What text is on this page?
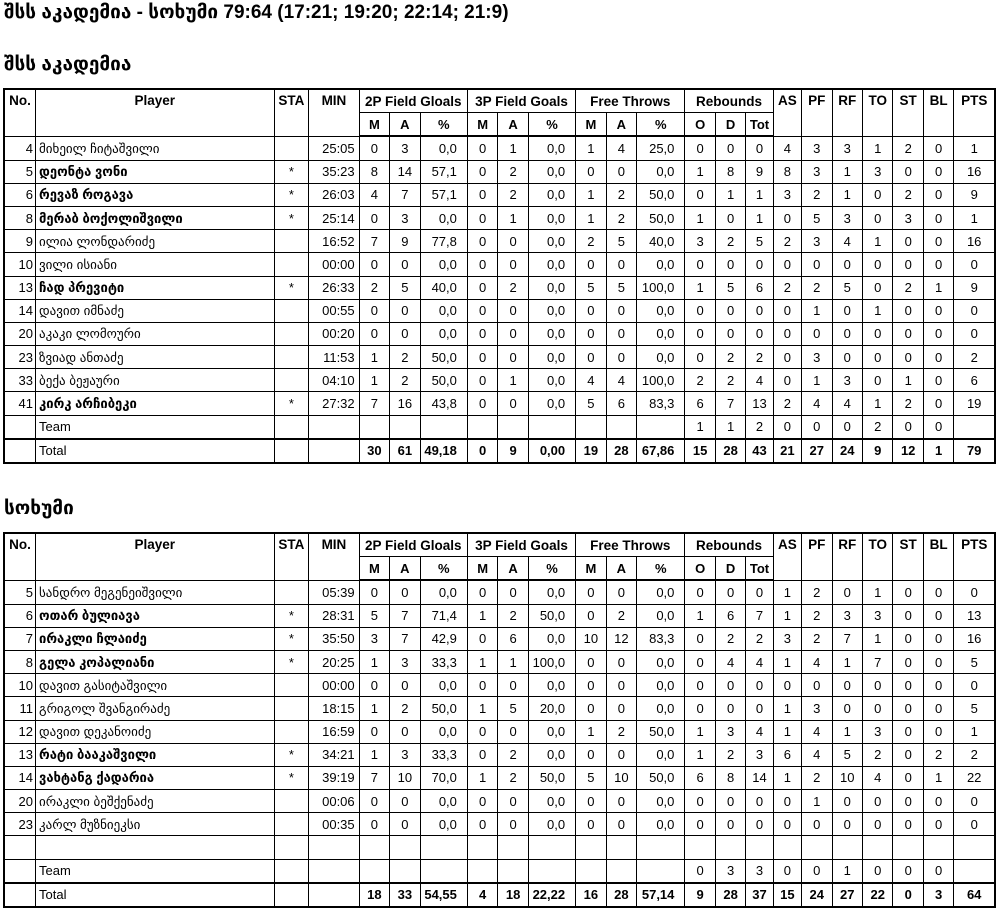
შსს აკადემია - სოხუმი 79:64 (17:21; 19:20; 22:14; 21:9)
შსს აკადემია
No.	Player	STA	MIN	2P Field Gloals			3P Field Goals			Free Throws			Rebounds			AS	PF	RF	TO	ST	BL	PTS
				M	A	%	M	A	%	M	A	%	O	D	Tot							
4	მიხეილ ჩიტაშვილი		25:05	0	3	0,0	0	1	0,0	1	4	25,0	0	0	0	4	3	3	1	2	0	1
5	დეონტა ვონი	*	35:23	8	14	57,1	0	2	0,0	0	0	0,0	1	8	9	8	3	1	3	0	0	16
6	რევაზ როგავა	*	26:03	4	7	57,1	0	2	0,0	1	2	50,0	0	1	1	3	2	1	0	2	0	9
8	მერაბ ბოქოლიშვილი	*	25:14	0	3	0,0	0	1	0,0	1	2	50,0	1	0	1	0	5	3	0	3	0	1
9	ილია ლონდარიძე		16:52	7	9	77,8	0	0	0,0	2	5	40,0	3	2	5	2	3	4	1	0	0	16
10	ვილი ისიანი		00:00	0	0	0,0	0	0	0,0	0	0	0,0	0	0	0	0	0	0	0	0	0	0
13	ჩად პრევიტი	*	26:33	2	5	40,0	0	2	0,0	5	5	100,0	1	5	6	2	2	5	0	2	1	9
14	დავით იმნაძე		00:55	0	0	0,0	0	0	0,0	0	0	0,0	0	0	0	0	1	0	1	0	0	0
20	აკაკი ლომოური		00:20	0	0	0,0	0	0	0,0	0	0	0,0	0	0	0	0	0	0	0	0	0	0
23	ზვიად ანთაძე		11:53	1	2	50,0	0	0	0,0	0	0	0,0	0	2	2	0	3	0	0	0	0	2
33	ბექა ბეჟაური		04:10	1	2	50,0	0	1	0,0	4	4	100,0	2	2	4	0	1	3	0	1	0	6
41	კირკ არჩიბეკი	*	27:32	7	16	43,8	0	0	0,0	5	6	83,3	6	7	13	2	4	4	1	2	0	19
	Team												1	1	2	0	0	0	2	0	0	
	Total			30	61	49,18	0	9	0,00	19	28	67,86	15	28	43	21	27	24	9	12	1	79
სოხუმი
No.	Player	STA	MIN	2P Field Gloals			3P Field Goals			Free Throws			Rebounds			AS	PF	RF	TO	ST	BL	PTS
				M	A	%	M	A	%	M	A	%	O	D	Tot							
5	სანდრო მეგენეიშვილი		05:39	0	0	0,0	0	0	0,0	0	0	0,0	0	0	0	1	2	0	1	0	0	0
6	ოთარ ბულიავა	*	28:31	5	7	71,4	1	2	50,0	0	2	0,0	1	6	7	1	2	3	3	0	0	13
7	ირაკლი ჩლაიძე	*	35:50	3	7	42,9	0	6	0,0	10	12	83,3	0	2	2	3	2	7	1	0	0	16
8	გელა კოპალიანი	*	20:25	1	3	33,3	1	1	100,0	0	0	0,0	0	4	4	1	4	1	7	0	0	5
10	დავით გასიტაშვილი		00:00	0	0	0,0	0	0	0,0	0	0	0,0	0	0	0	0	0	0	0	0	0	0
11	გრიგოლ შვანგირაძე		18:15	1	2	50,0	1	5	20,0	0	0	0,0	0	0	0	1	3	0	0	0	0	5
12	დავით დეკანოიძე		16:59	0	0	0,0	0	0	0,0	1	2	50,0	1	3	4	1	4	1	3	0	0	1
13	რატი ბააკაშვილი	*	34:21	1	3	33,3	0	2	0,0	0	0	0,0	1	2	3	6	4	5	2	0	2	2
14	ვახტანგ ქადარია	*	39:19	7	10	70,0	1	2	50,0	5	10	50,0	6	8	14	1	2	10	4	0	1	22
20	ირაკლი ბეშქენაძე		00:06	0	0	0,0	0	0	0,0	0	0	0,0	0	0	0	0	1	0	0	0	0	0
23	კარლ მუზნიეკსი		00:35	0	0	0,0	0	0	0,0	0	0	0,0	0	0	0	0	0	0	0	0	0	0

	Team												0	3	3	0	0	1	0	0	0	
	Total			18	33	54,55	4	18	22,22	16	28	57,14	9	28	37	15	24	27	22	0	3	64
